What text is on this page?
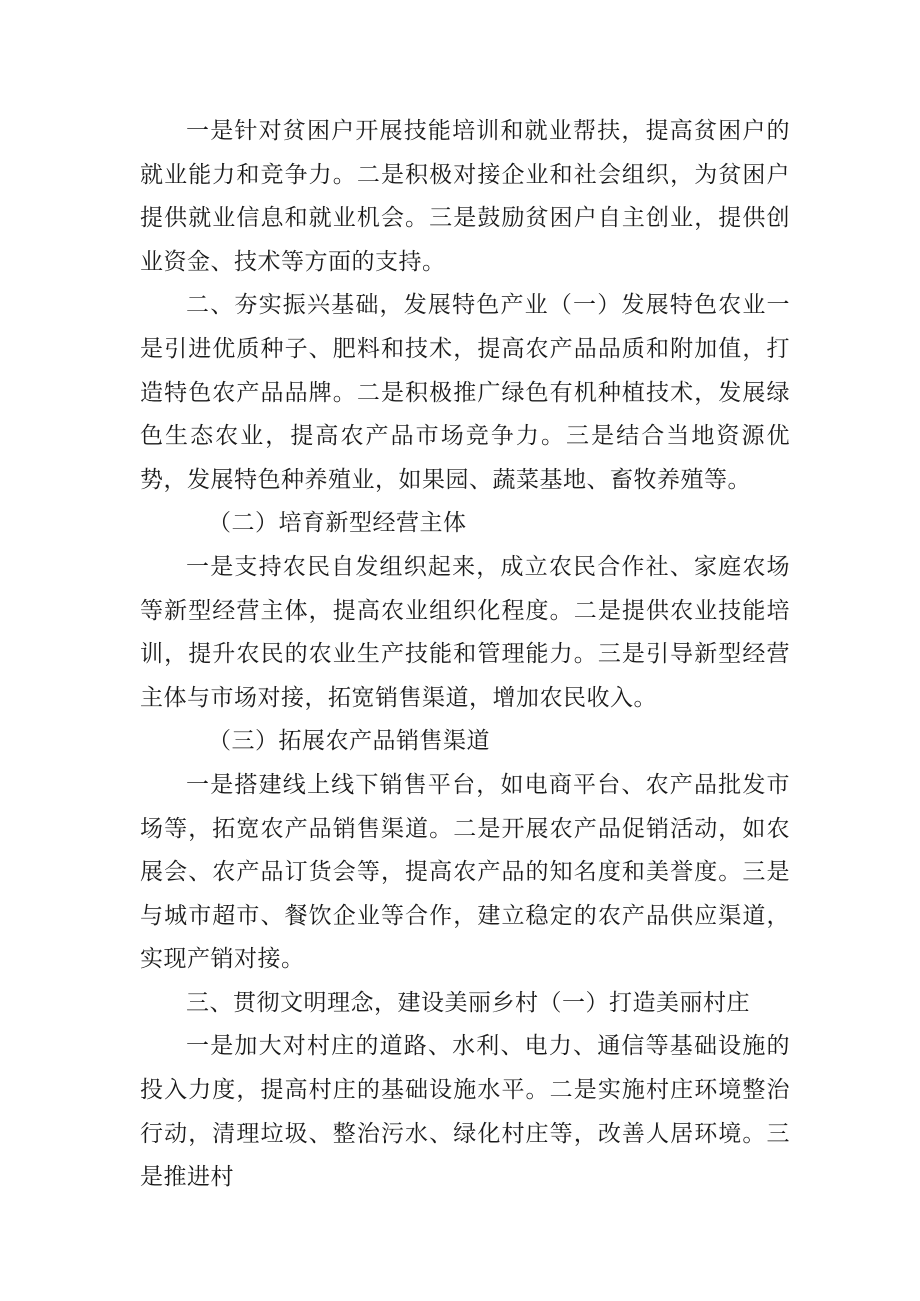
一是针对贫困户开展技能培训和就业帮扶，提高贫困户的就业能力和竞争力。二是积极对接企业和社会组织，为贫困户提供就业信息和就业机会。三是鼓励贫困户自主创业，提供创业资金、技术等方面的支持。

二、夯实振兴基础，发展特色产业（一）发展特色农业一是引进优质种子、肥料和技术，提高农产品品质和附加值，打造特色农产品品牌。二是积极推广绿色有机种植技术，发展绿色生态农业，提高农产品市场竞争力。三是结合当地资源优势，发展特色种养殖业，如果园、蔬菜基地、畜牧养殖等。

（二）培育新型经营主体

一是支持农民自发组织起来，成立农民合作社、家庭农场等新型经营主体，提高农业组织化程度。二是提供农业技能培训，提升农民的农业生产技能和管理能力。三是引导新型经营主体与市场对接，拓宽销售渠道，增加农民收入。

（三）拓展农产品销售渠道

一是搭建线上线下销售平台，如电商平台、农产品批发市场等，拓宽农产品销售渠道。二是开展农产品促销活动，如农展会、农产品订货会等，提高农产品的知名度和美誉度。三是与城市超市、餐饮企业等合作，建立稳定的农产品供应渠道，实现产销对接。

三、贯彻文明理念，建设美丽乡村（一）打造美丽村庄

一是加大对村庄的道路、水利、电力、通信等基础设施的投入力度，提高村庄的基础设施水平。二是实施村庄环境整治行动，清理垃圾、整治污水、绿化村庄等，改善人居环境。三是推进村
